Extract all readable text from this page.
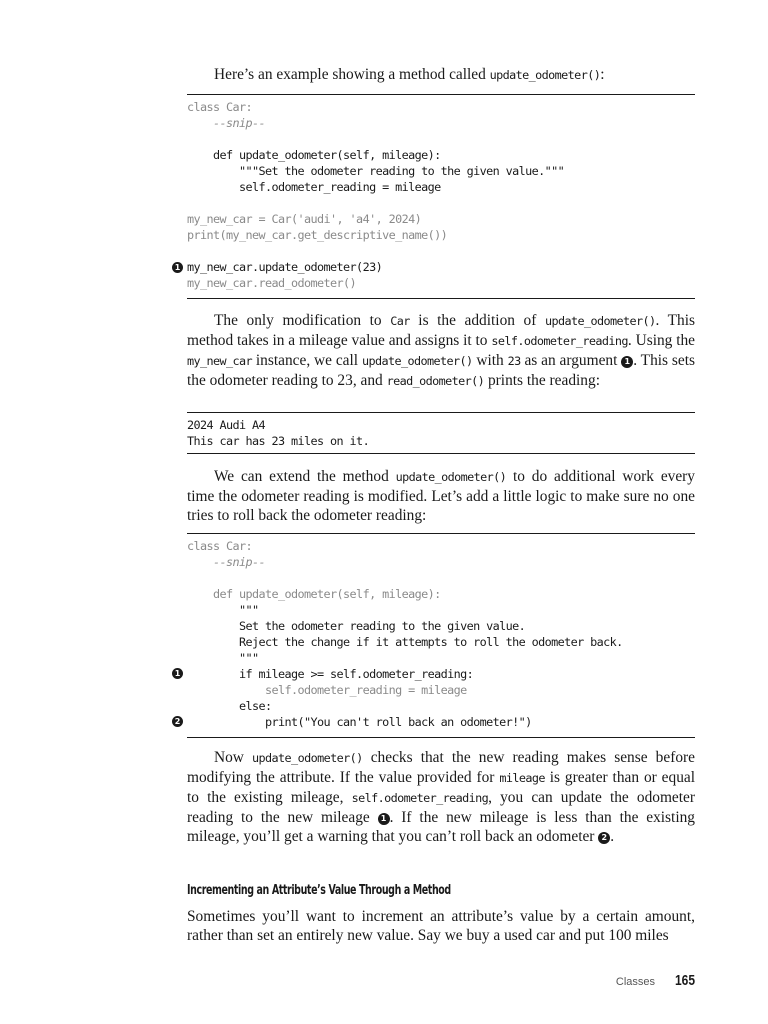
Here’s an example showing a method called update_odometer():

class Car:
--snip--
def update_odometer(self, mileage):
"""Set the odometer reading to the given value."""
self.odometer_reading = mileage
my_new_car = Car('audi', 'a4', 2024)
print(my_new_car.get_descriptive_name())
my_new_car.update_odometer(23)
my_new_car.read_odometer()
1

The only modification to Car is the addition of update_odometer(). This method takes in a mileage value and assigns it to self.odometer_reading. Using the my_new_car instance, we call update_odometer() with 23 as an argument 1 . This sets the odometer reading to 23, and read_odometer() prints the reading:

2024 Audi A4
This car has 23 miles on it.

We can extend the method update_odometer() to do additional work every time the odometer reading is modified. Let’s add a little logic to make sure no one tries to roll back the odometer reading:

class Car:
--snip--
def update_odometer(self, mileage):
"""
Set the odometer reading to the given value.
Reject the change if it attempts to roll the odometer back.
"""
if mileage >= self.odometer_reading:
self.odometer_reading = mileage
else:
print("You can't roll back an odometer!")
1
2

Now update_odometer() checks that the new reading makes sense before modifying the attribute. If the value provided for mileage is greater than or equal to the existing mileage, self.odometer_reading, you can update the odometer reading to the new mileage 1 . If the new mileage is less than the existing mileage, you’ll get a warning that you can’t roll back an odometer 2 .

Incrementing an Attribute’s Value Through a Method

Sometimes you’ll want to increment an attribute’s value by a certain amount, rather than set an entirely new value. Say we buy a used car and put 100 miles

Classes 165
